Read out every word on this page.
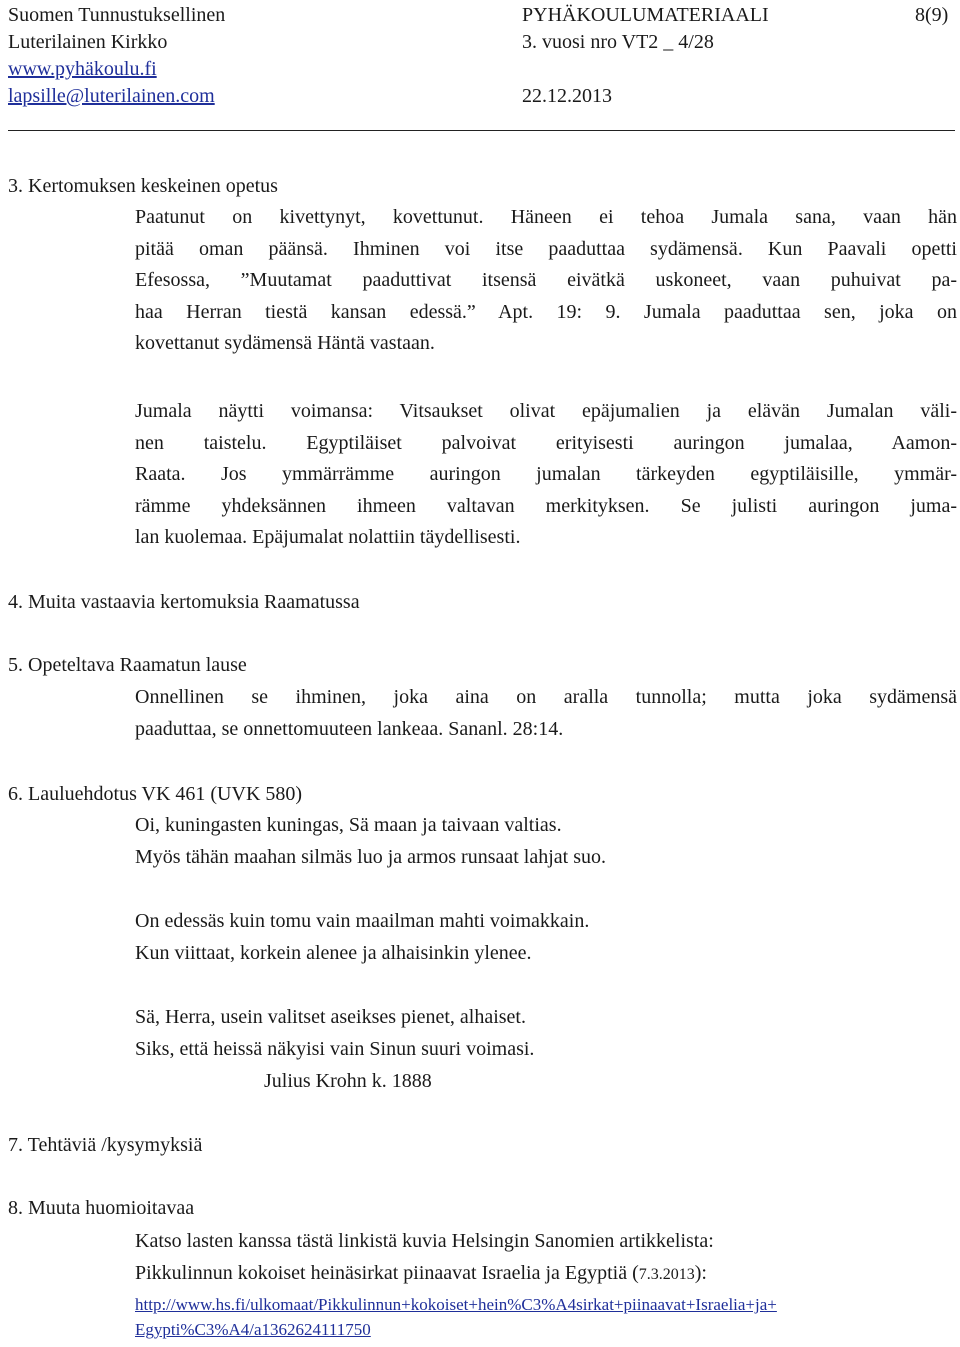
Suomen Tunnustuksellinen	PYHÄKOULUMATERIAALI	8(9)
Luterilainen Kirkko	3. vuosi nro VT2 _ 4/28
www.pyhäkoulu.fi
lapsille@luterilainen.com	22.12.2013
3. Kertomuksen keskeinen opetus
Paatunut on kivettynyt, kovettunut. Häneen ei tehoa Jumala sana, vaan hän
pitää oman päänsä. Ihminen voi itse paaduttaa sydämensä. Kun Paavali opetti
Efesossa, ”Muutamat paaduttivat itsensä eivätkä uskoneet, vaan puhuivat pa-
haa Herran tiestä kansan edessä.” Apt. 19: 9. Jumala paaduttaa sen, joka on
kovettanut sydämensä Häntä vastaan.
Jumala näytti voimansa: Vitsaukset olivat epäjumalien ja elävän Jumalan väli-
nen taistelu. Egyptiläiset palvoivat erityisesti auringon jumalaa, Aamon-
Raata. Jos ymmärrämme auringon jumalan tärkeyden egyptiläisille, ymmär-
rämme yhdeksännen ihmeen valtavan merkityksen. Se julisti auringon juma-
lan kuolemaa. Epäjumalat nolattiin täydellisesti.
4. Muita vastaavia kertomuksia Raamatussa
5. Opeteltava Raamatun lause
Onnellinen se ihminen, joka aina on aralla tunnolla; mutta joka sydämensä
paaduttaa, se onnettomuuteen lankeaa. Sananl. 28:14.
6. Lauluehdotus VK 461 (UVK 580)
Oi, kuningasten kuningas, Sä maan ja taivaan valtias.
Myös tähän maahan silmäs luo ja armos runsaat lahjat suo.
On edessäs kuin tomu vain maailman mahti voimakkain.
Kun viittaat, korkein alenee ja alhaisinkin ylenee.
Sä, Herra, usein valitset aseikses pienet, alhaiset.
Siks, että heissä näkyisi vain Sinun suuri voimasi.
Julius Krohn k. 1888
7. Tehtäviä /kysymyksiä
8. Muuta huomioitavaa
Katso lasten kanssa tästä linkistä kuvia Helsingin Sanomien artikkelista:
Pikkulinnun kokoiset heinäsirkat piinaavat Israelia ja Egyptiä (7.3.2013):
http://www.hs.fi/ulkomaat/Pikkulinnun+kokoiset+hein%C3%A4sirkat+piinaavat+Israelia+ja+
Egypti%C3%A4/a1362624111750
